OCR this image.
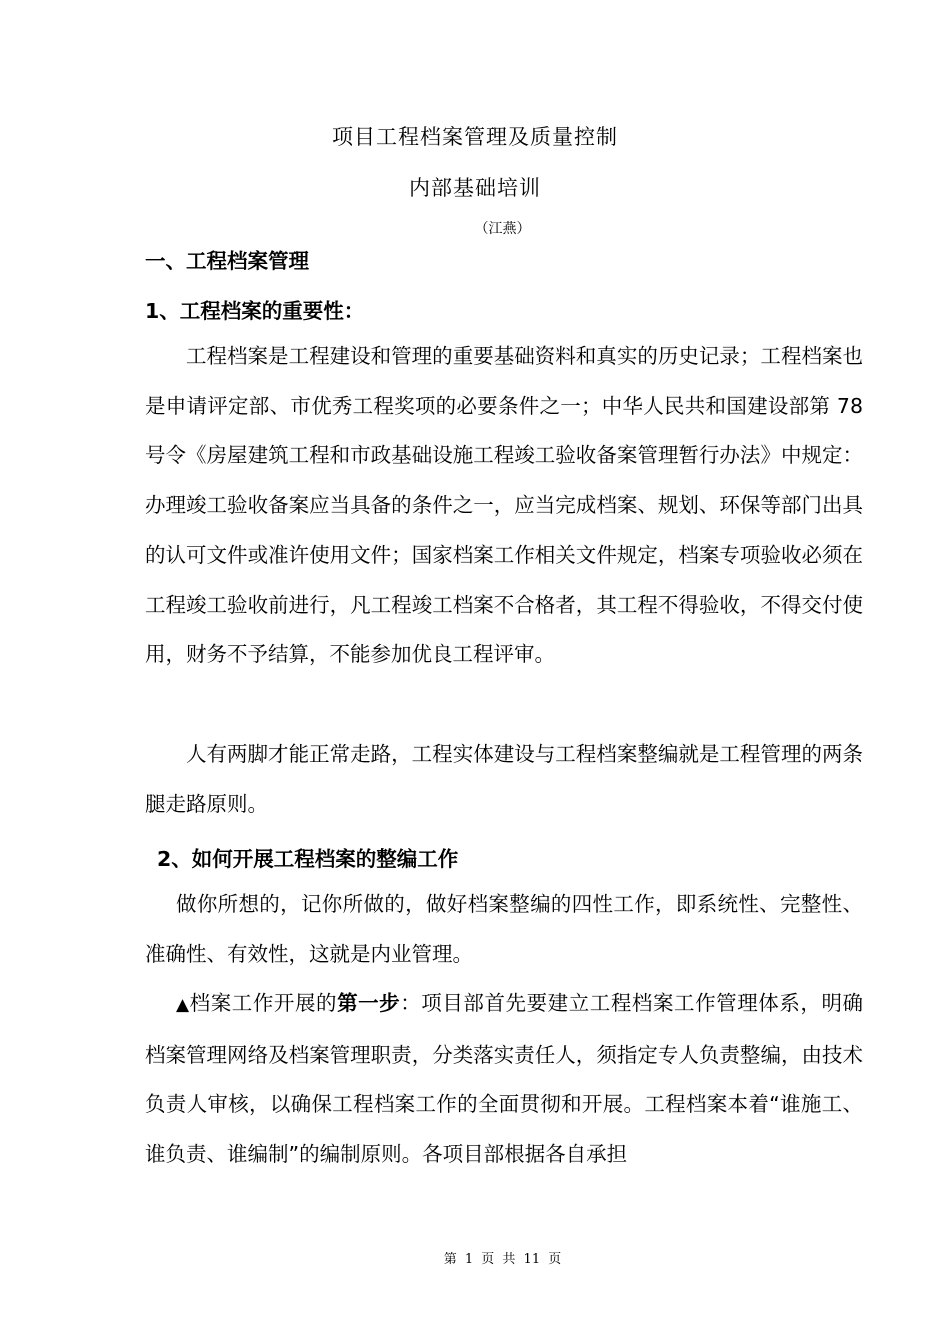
项目工程档案管理及质量控制
内部基础培训
（江燕）
一、工程档案管理
1、工程档案的重要性：
工程档案是工程建设和管理的重要基础资料和真实的历史记录；工程档案也是申请评定部、市优秀工程奖项的必要条件之一；中华人民共和国建设部第 78 号令《房屋建筑工程和市政基础设施工程竣工验收备案管理暂行办法》中规定：办理竣工验收备案应当具备的条件之一，应当完成档案、规划、环保等部门出具的认可文件或准许使用文件；国家档案工作相关文件规定，档案专项验收必须在工程竣工验收前进行，凡工程竣工档案不合格者，其工程不得验收，不得交付使用，财务不予结算，不能参加优良工程评审。
人有两脚才能正常走路，工程实体建设与工程档案整编就是工程管理的两条腿走路原则。
2、如何开展工程档案的整编工作
做你所想的，记你所做的，做好档案整编的四性工作，即系统性、完整性、准确性、有效性，这就是内业管理。
▲档案工作开展的第一步：项目部首先要建立工程档案工作管理体系，明确档案管理网络及档案管理职责，分类落实责任人，须指定专人负责整编，由技术负责人审核，以确保工程档案工作的全面贯彻和开展。工程档案本着“谁施工、谁负责、谁编制”的编制原则。各项目部根据各自承担
第 1 页 共 11 页
